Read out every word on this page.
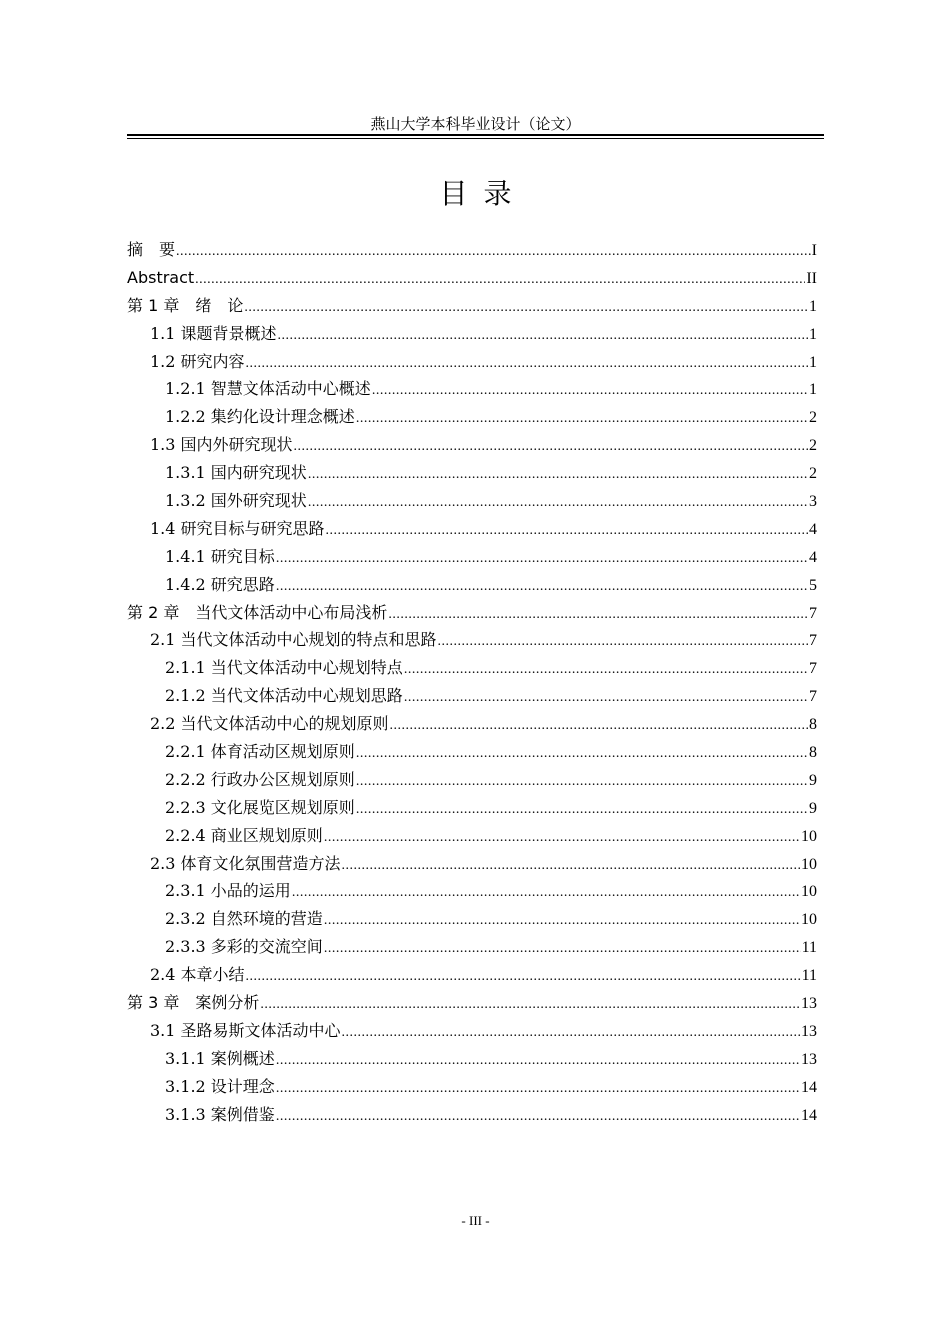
燕山大学本科毕业设计（论文）
目录
摘　要 .....	I
Abstract .....	II
第 1 章　绪　论 .....	1
1.1 课题背景概述 .....	1
1.2 研究内容 .....	1
1.2.1 智慧文体活动中心概述 .....	1
1.2.2 集约化设计理念概述 .....	2
1.3 国内外研究现状 .....	2
1.3.1 国内研究现状 .....	2
1.3.2 国外研究现状 .....	3
1.4 研究目标与研究思路 .....	4
1.4.1 研究目标 .....	4
1.4.2 研究思路 .....	5
第 2 章　当代文体活动中心布局浅析 .....	7
2.1 当代文体活动中心规划的特点和思路 .....	7
2.1.1 当代文体活动中心规划特点 .....	7
2.1.2 当代文体活动中心规划思路 .....	7
2.2 当代文体活动中心的规划原则 .....	8
2.2.1 体育活动区规划原则 .....	8
2.2.2 行政办公区规划原则 .....	9
2.2.3 文化展览区规划原则 .....	9
2.2.4 商业区规划原则 .....	10
2.3 体育文化氛围营造方法 .....	10
2.3.1 小品的运用 .....	10
2.3.2 自然环境的营造 .....	10
2.3.3 多彩的交流空间 .....	11
2.4 本章小结 .....	11
第 3 章　案例分析 .....	13
3.1 圣路易斯文体活动中心 .....	13
3.1.1 案例概述 .....	13
3.1.2 设计理念 .....	14
3.1.3 案例借鉴 .....	14
- III -
